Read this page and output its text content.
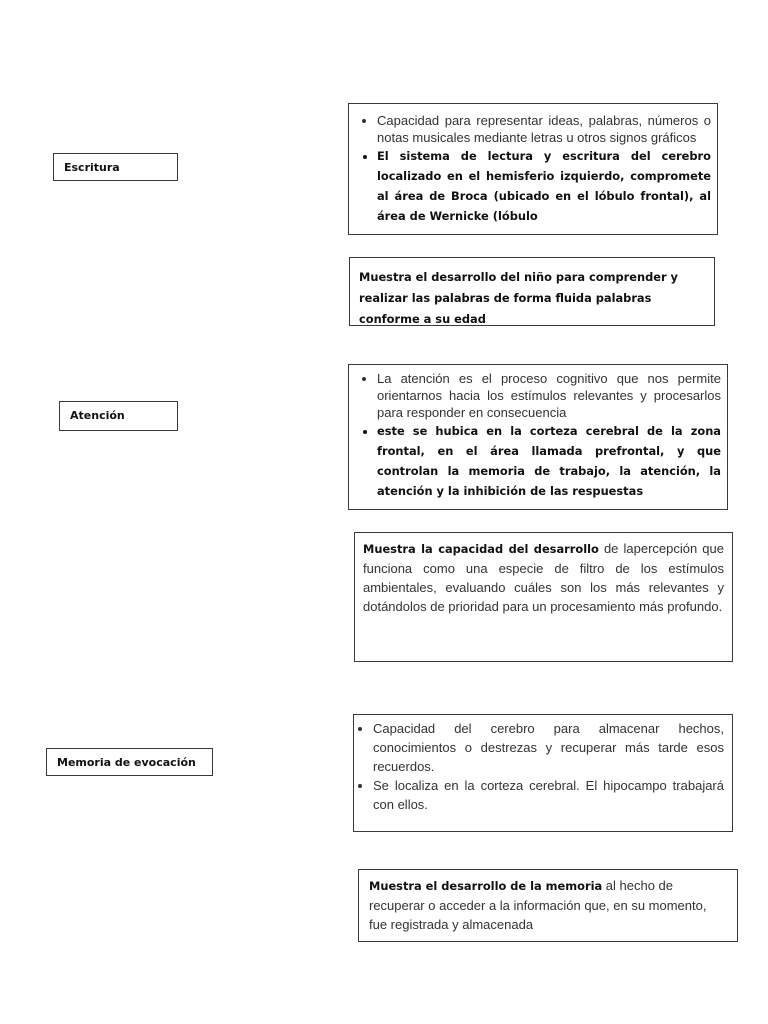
Escritura
• Capacidad para representar ideas, palabras, números o notas musicales mediante letras u otros signos gráficos
• El sistema de lectura y escritura del cerebro localizado en el hemisferio izquierdo, compromete al área de Broca (ubicado en el lóbulo frontal), al área de Wernicke (lóbulo
Muestra el desarrollo del niño para comprender y realizar las palabras de forma fluida palabras conforme a su edad
Atención
• La atención es el proceso cognitivo que nos permite orientarnos hacia los estímulos relevantes y procesarlos para responder en consecuencia
• este se hubica en la corteza cerebral de la zona frontal, en el área llamada prefrontal, y que controlan la memoria de trabajo, la atención, la atención y la inhibición de las respuestas
Muestra la capacidad del desarrollo de lapercepción que funciona como una especie de filtro de los estímulos ambientales, evaluando cuáles son los más relevantes y dotándolos de prioridad para un procesamiento más profundo.
Memoria de evocación
• Capacidad del cerebro para almacenar hechos, conocimientos o destrezas y recuperar más tarde esos recuerdos.
• Se localiza en la corteza cerebral. El hipocampo trabajará con ellos.
Muestra el desarrollo de la memoria al hecho de recuperar o acceder a la información que, en su momento, fue registrada y almacenada
